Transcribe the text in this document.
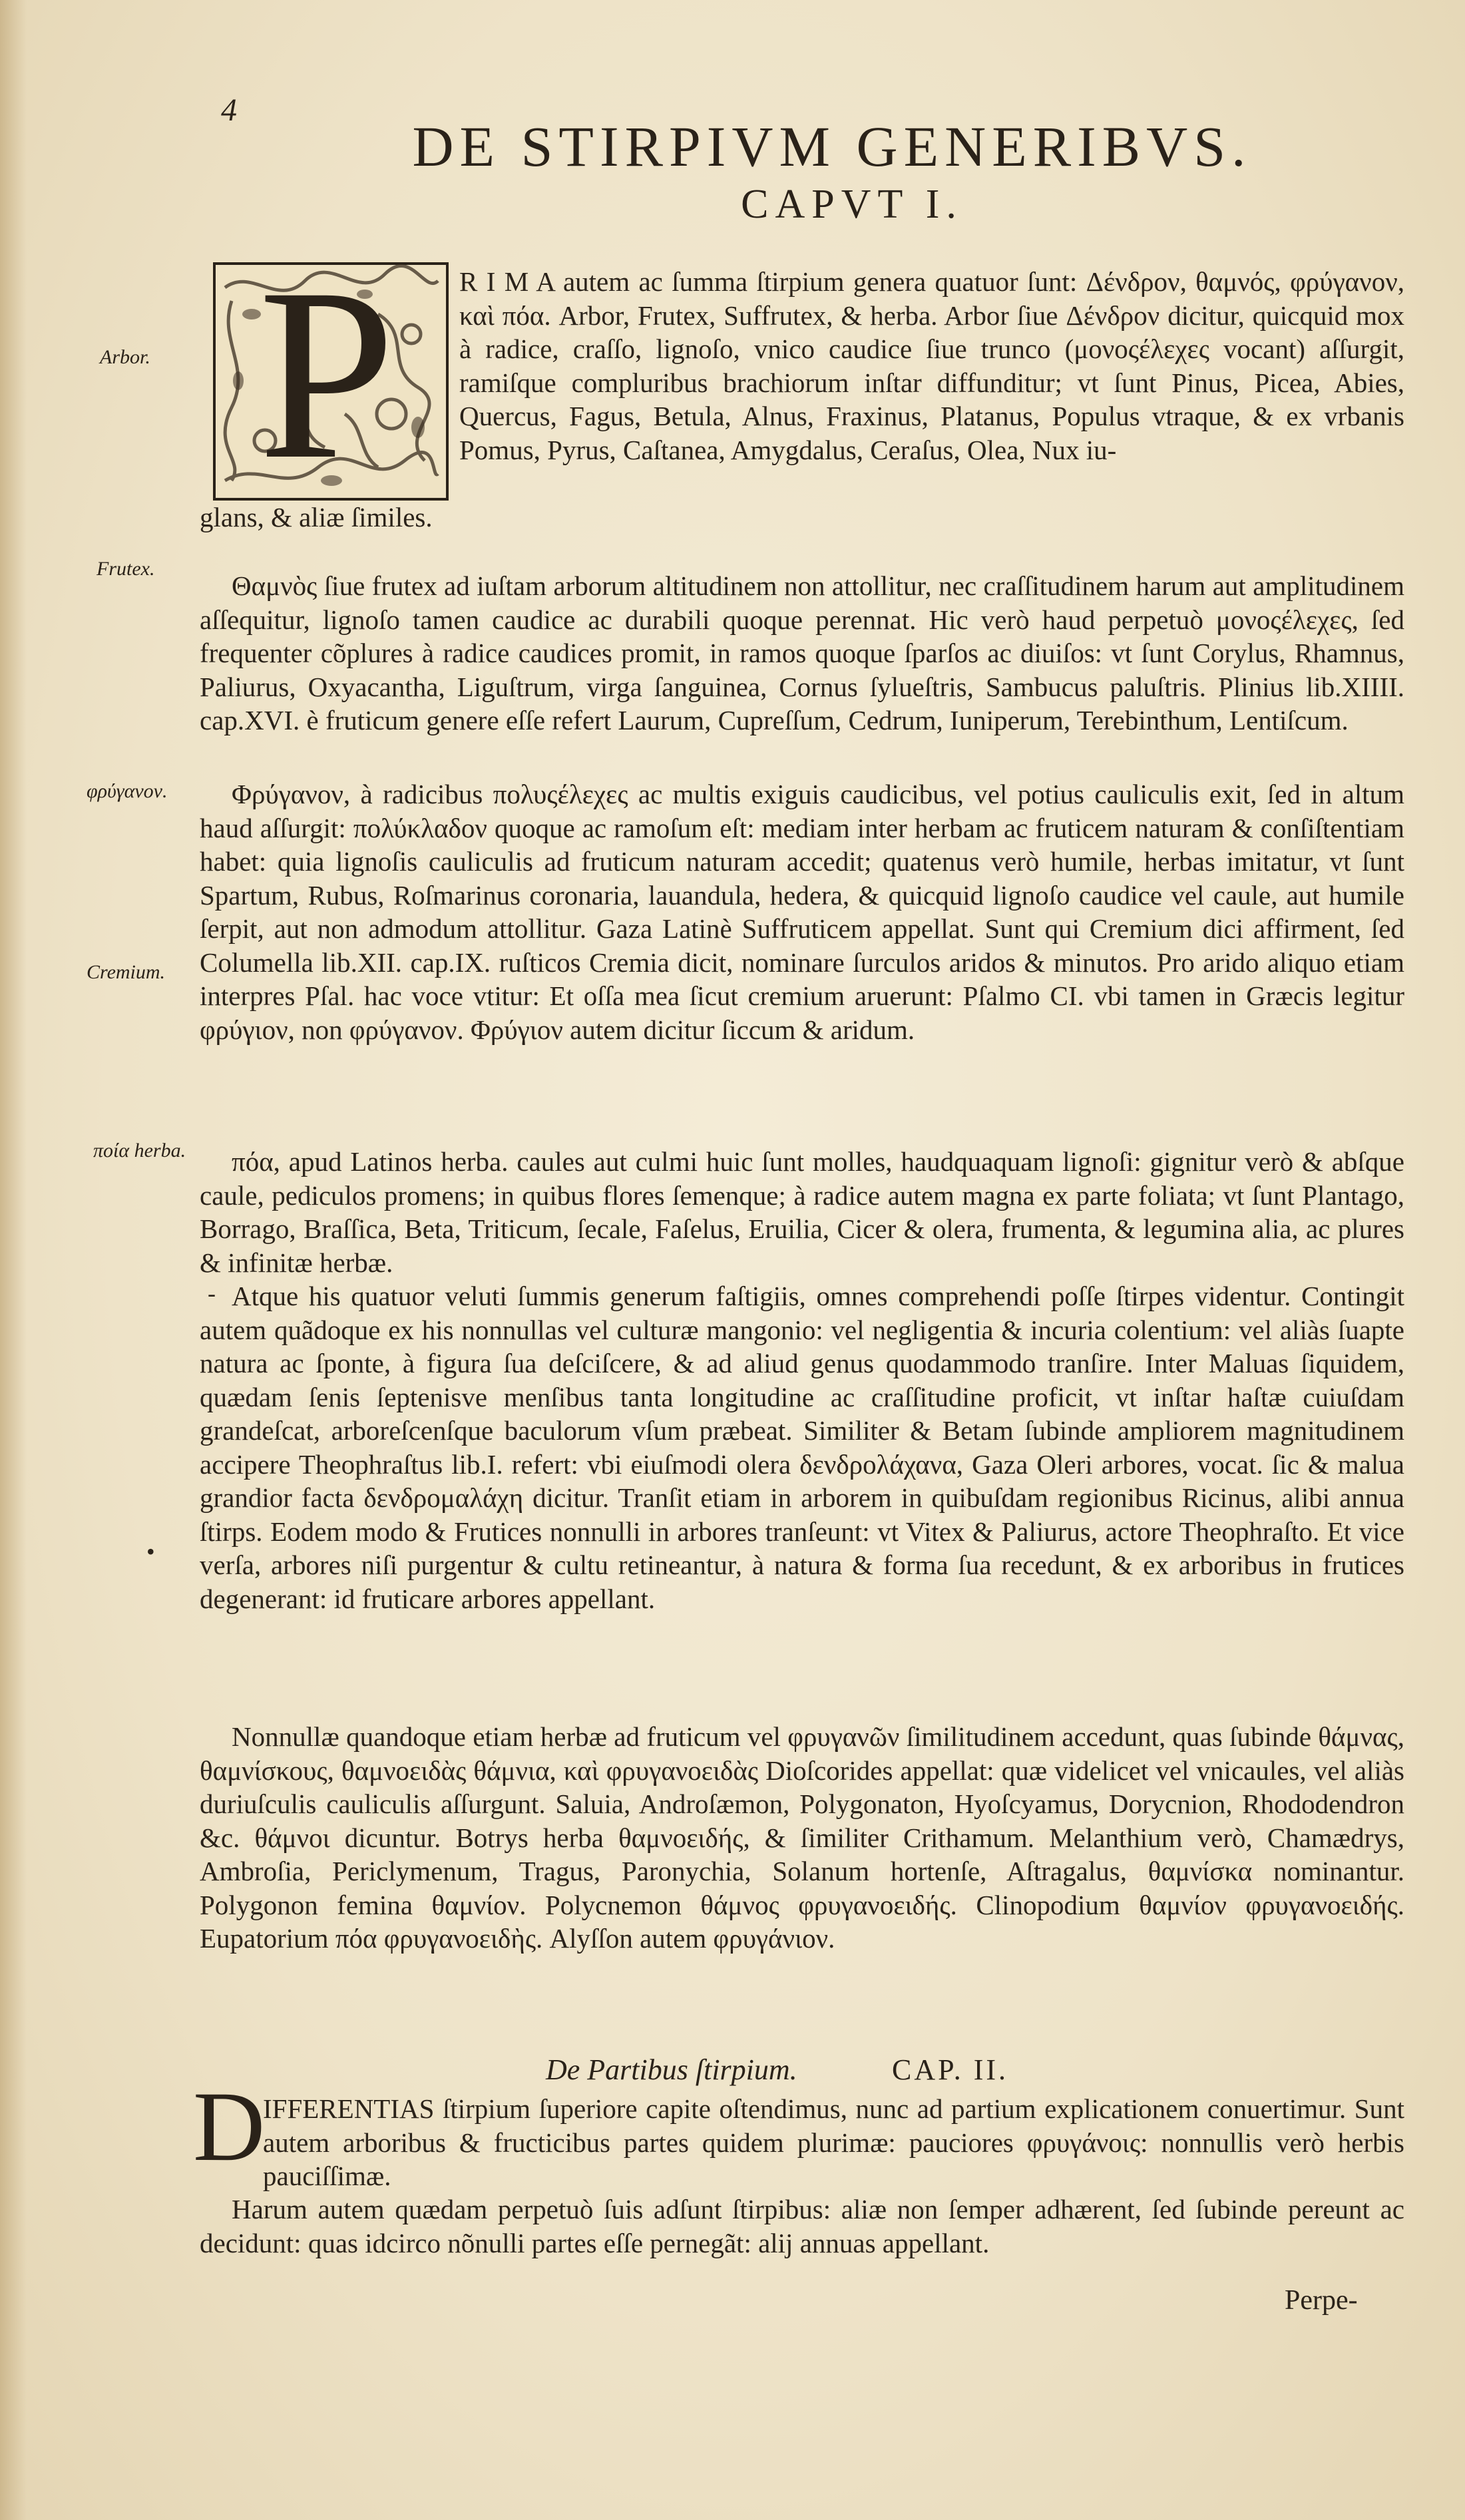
4
DE STIRPIVM GENERIBVS.
CAPVT I.
P
Arbor.
Frutex.
φρύγανον.
Cremium.
ποία herba.

R I M A autem ac ſumma ſtirpium genera quatuor ſunt: Δένδρον, θαμνός, φρύγανον, καὶ πόα. Arbor, Frutex, Suffrutex, & herba. Arbor ſiue Δένδρον dicitur, quicquid mox à radice, craſſo, lignoſo, vnico caudice ſiue trunco (μονοςέλεχες vocant) aſſurgit, ramiſque compluribus brachiorum inſtar diffunditur; vt ſunt Pinus, Picea, Abies, Quercus, Fagus, Betula, Alnus, Fraxinus, Platanus, Populus vtraque, & ex vrbanis Pomus, Pyrus, Caſtanea, Amygdalus, Ceraſus, Olea, Nux iu-

glans, & aliæ ſimiles.

Θαμνὸς ſiue frutex ad iuſtam arborum altitudinem non attollitur, nec craſſitudinem harum aut amplitudinem aſſequitur, lignoſo tamen caudice ac durabili quoque perennat. Hic verò haud perpetuò μονοςέλεχες, ſed frequenter cõplures à radice caudices promit, in ramos quoque ſparſos ac diuiſos: vt ſunt Corylus, Rhamnus, Paliurus, Oxyacantha, Liguſtrum, virga ſanguinea, Cornus ſylueſtris, Sambucus paluſtris. Plinius lib.XIIII. cap.XVI. è fruticum genere eſſe refert Laurum, Cupreſſum, Cedrum, Iuniperum, Terebinthum, Lentiſcum.

Φρύγανον, à radicibus πολυςέλεχες ac multis exiguis caudicibus, vel potius cauliculis exit, ſed in altum haud aſſurgit: πολύκλαδον quoque ac ramoſum eſt: mediam inter herbam ac fruticem naturam & conſiſtentiam habet: quia lignoſis cauliculis ad fruticum naturam accedit; quatenus verò humile, herbas imitatur, vt ſunt Spartum, Rubus, Roſmarinus coronaria, lauandula, hedera, & quicquid lignoſo caudice vel caule, aut humile ſerpit, aut non admodum attollitur. Gaza Latinè Suffruticem appellat. Sunt qui Cremium dici affirment, ſed Columella lib.XII. cap.IX. ruſticos Cremia dicit, nominare ſurculos aridos & minutos. Pro arido aliquo etiam interpres Pſal. hac voce vtitur: Et oſſa mea ſicut cremium aruerunt: Pſalmo CI. vbi tamen in Græcis legitur φρύγιον, non φρύγανον. Φρύγιον autem dicitur ſiccum & aridum.

πόα, apud Latinos herba. caules aut culmi huic ſunt molles, haudquaquam lignoſi: gignitur verò & abſque caule, pediculos promens; in quibus flores ſemenque; à radice autem magna ex parte foliata; vt ſunt Plantago, Borrago, Braſſica, Beta, Triticum, ſecale, Faſelus, Eruilia, Cicer & olera, frumenta, & legumina alia, ac plures & infinitæ herbæ.

Atque his quatuor veluti ſummis generum faſtigiis, omnes comprehendi poſſe ſtirpes videntur. Contingit autem quãdoque ex his nonnullas vel culturæ mangonio: vel negligentia & incuria colentium: vel aliàs ſuapte natura ac ſponte, à figura ſua deſciſcere, & ad aliud genus quodammodo tranſire. Inter Maluas ſiquidem, quædam ſenis ſeptenisve menſibus tanta longitudine ac craſſitudine proficit, vt inſtar haſtæ cuiuſdam grandeſcat, arboreſcenſque baculorum vſum præbeat. Similiter & Betam ſubinde ampliorem magnitudinem accipere Theophraſtus lib.I. refert: vbi eiuſmodi olera δενδρολάχανα, Gaza Oleri arbores, vocat. ſic & malua grandior facta δενδρομαλάχη dicitur. Tranſit etiam in arborem in quibuſdam regionibus Ricinus, alibi annua ſtirps. Eodem modo & Frutices nonnulli in arbores tranſeunt: vt Vitex & Paliurus, actore Theophraſto. Et vice verſa, arbores niſi purgentur & cultu retineantur, à natura & forma ſua recedunt, & ex arboribus in frutices degenerant: id fruticare arbores appellant.

Nonnullæ quandoque etiam herbæ ad fruticum vel φρυγανῶν ſimilitudinem accedunt, quas ſubinde θάμνας, θαμνίσκους, θαμνοειδὰς θάμνια, καὶ φρυγανοειδὰς Dioſcorides appellat: quæ videlicet vel vnicaules, vel aliàs duriuſculis cauliculis aſſurgunt. Saluia, Androſæmon, Polygonaton, Hyoſcyamus, Dorycnion, Rhododendron &c. θάμνοι dicuntur. Botrys herba θαμνοειδής, & ſimiliter Crithamum. Melanthium verò, Chamædrys, Ambroſia, Periclymenum, Tragus, Paronychia, Solanum hortenſe, Aſtragalus, θαμνίσκα nominantur. Polygonon femina θαμνίον. Polycnemon θάμνος φρυγανοειδής. Clinopodium θαμνίον φρυγανοειδής. Eupatorium πόα φρυγανοειδὴς. Alyſſon autem φρυγάνιον.

•
-
De Partibus ſtirpium.	CAP. II.
D

IFFERENTIAS ſtirpium ſuperiore capite oſtendimus, nunc ad partium explicationem conuertimur. Sunt autem arboribus & fructicibus partes quidem plurimæ: pauciores φρυγάνοις: nonnullis verò herbis pauciſſimæ.

Harum autem quædam perpetuò ſuis adſunt ſtirpibus: aliæ non ſemper adhærent, ſed ſubinde pereunt ac decidunt: quas idcirco nõnulli partes eſſe pernegãt: alij annuas appellant.

Perpe-
